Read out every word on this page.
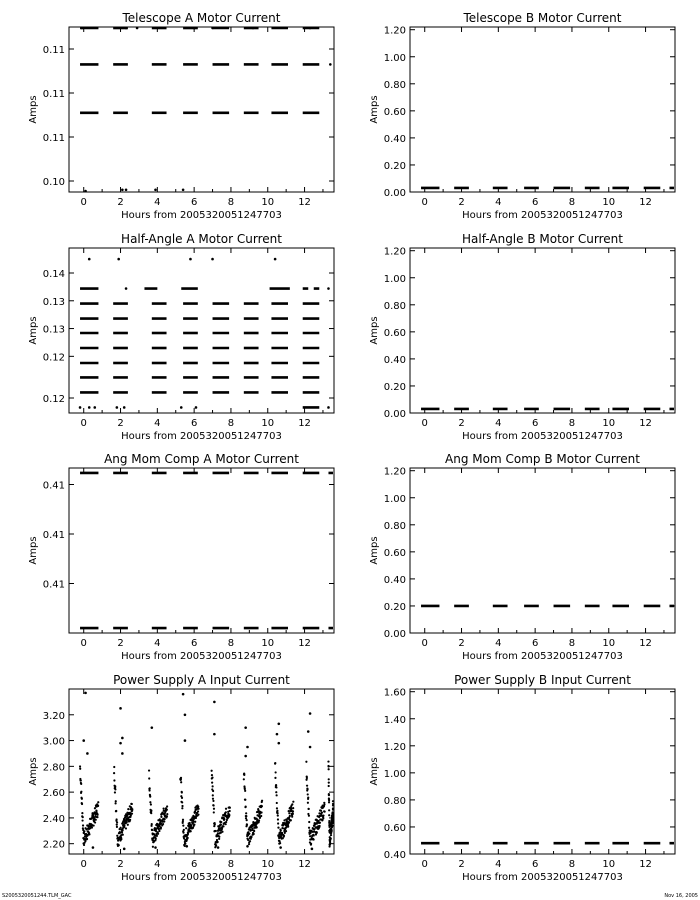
Telescope A Motor Current
0	2	4	6	8	10 12
0.10
0.11
0.11
0.11
Hours from 2005320051247703
Amps
Telescope B Motor Current
0	2	4	6	8	10 12
0.00
0.20
0.40
0.60
0.80
1.00
1.20
Hours from 2005320051247703
Amps
Half-Angle A Motor Current
0	2	4	6	8	10 12
0.12
0.12
0.13
0.13
0.14
Hours from 2005320051247703
Amps
Half-Angle B Motor Current
0	2	4	6	8	10 12
0.00
0.20
0.40
0.60
0.80
1.00
1.20
Hours from 2005320051247703
Amps
Ang Mom Comp A Motor Current
0	2	4	6	8	10 12
0.41
0.41
0.41
Hours from 2005320051247703
Amps
Ang Mom Comp B Motor Current
0	2	4	6	8	10 12
0.00
0.20
0.40
0.60
0.80
1.00
1.20
Hours from 2005320051247703
Amps
Power Supply A Input Current
0	2	4	6	8	10 12
2.20
2.40
2.60
2.80
3.00
3.20
Hours from 2005320051247703
Amps
Power Supply B Input Current
0	2	4	6	8	10 12
0.40
0.60
0.80
1.00
1.20
1.40
1.60
Hours from 2005320051247703
Amps
S2005320051244.TLM_GAC	Nov 16, 2005
